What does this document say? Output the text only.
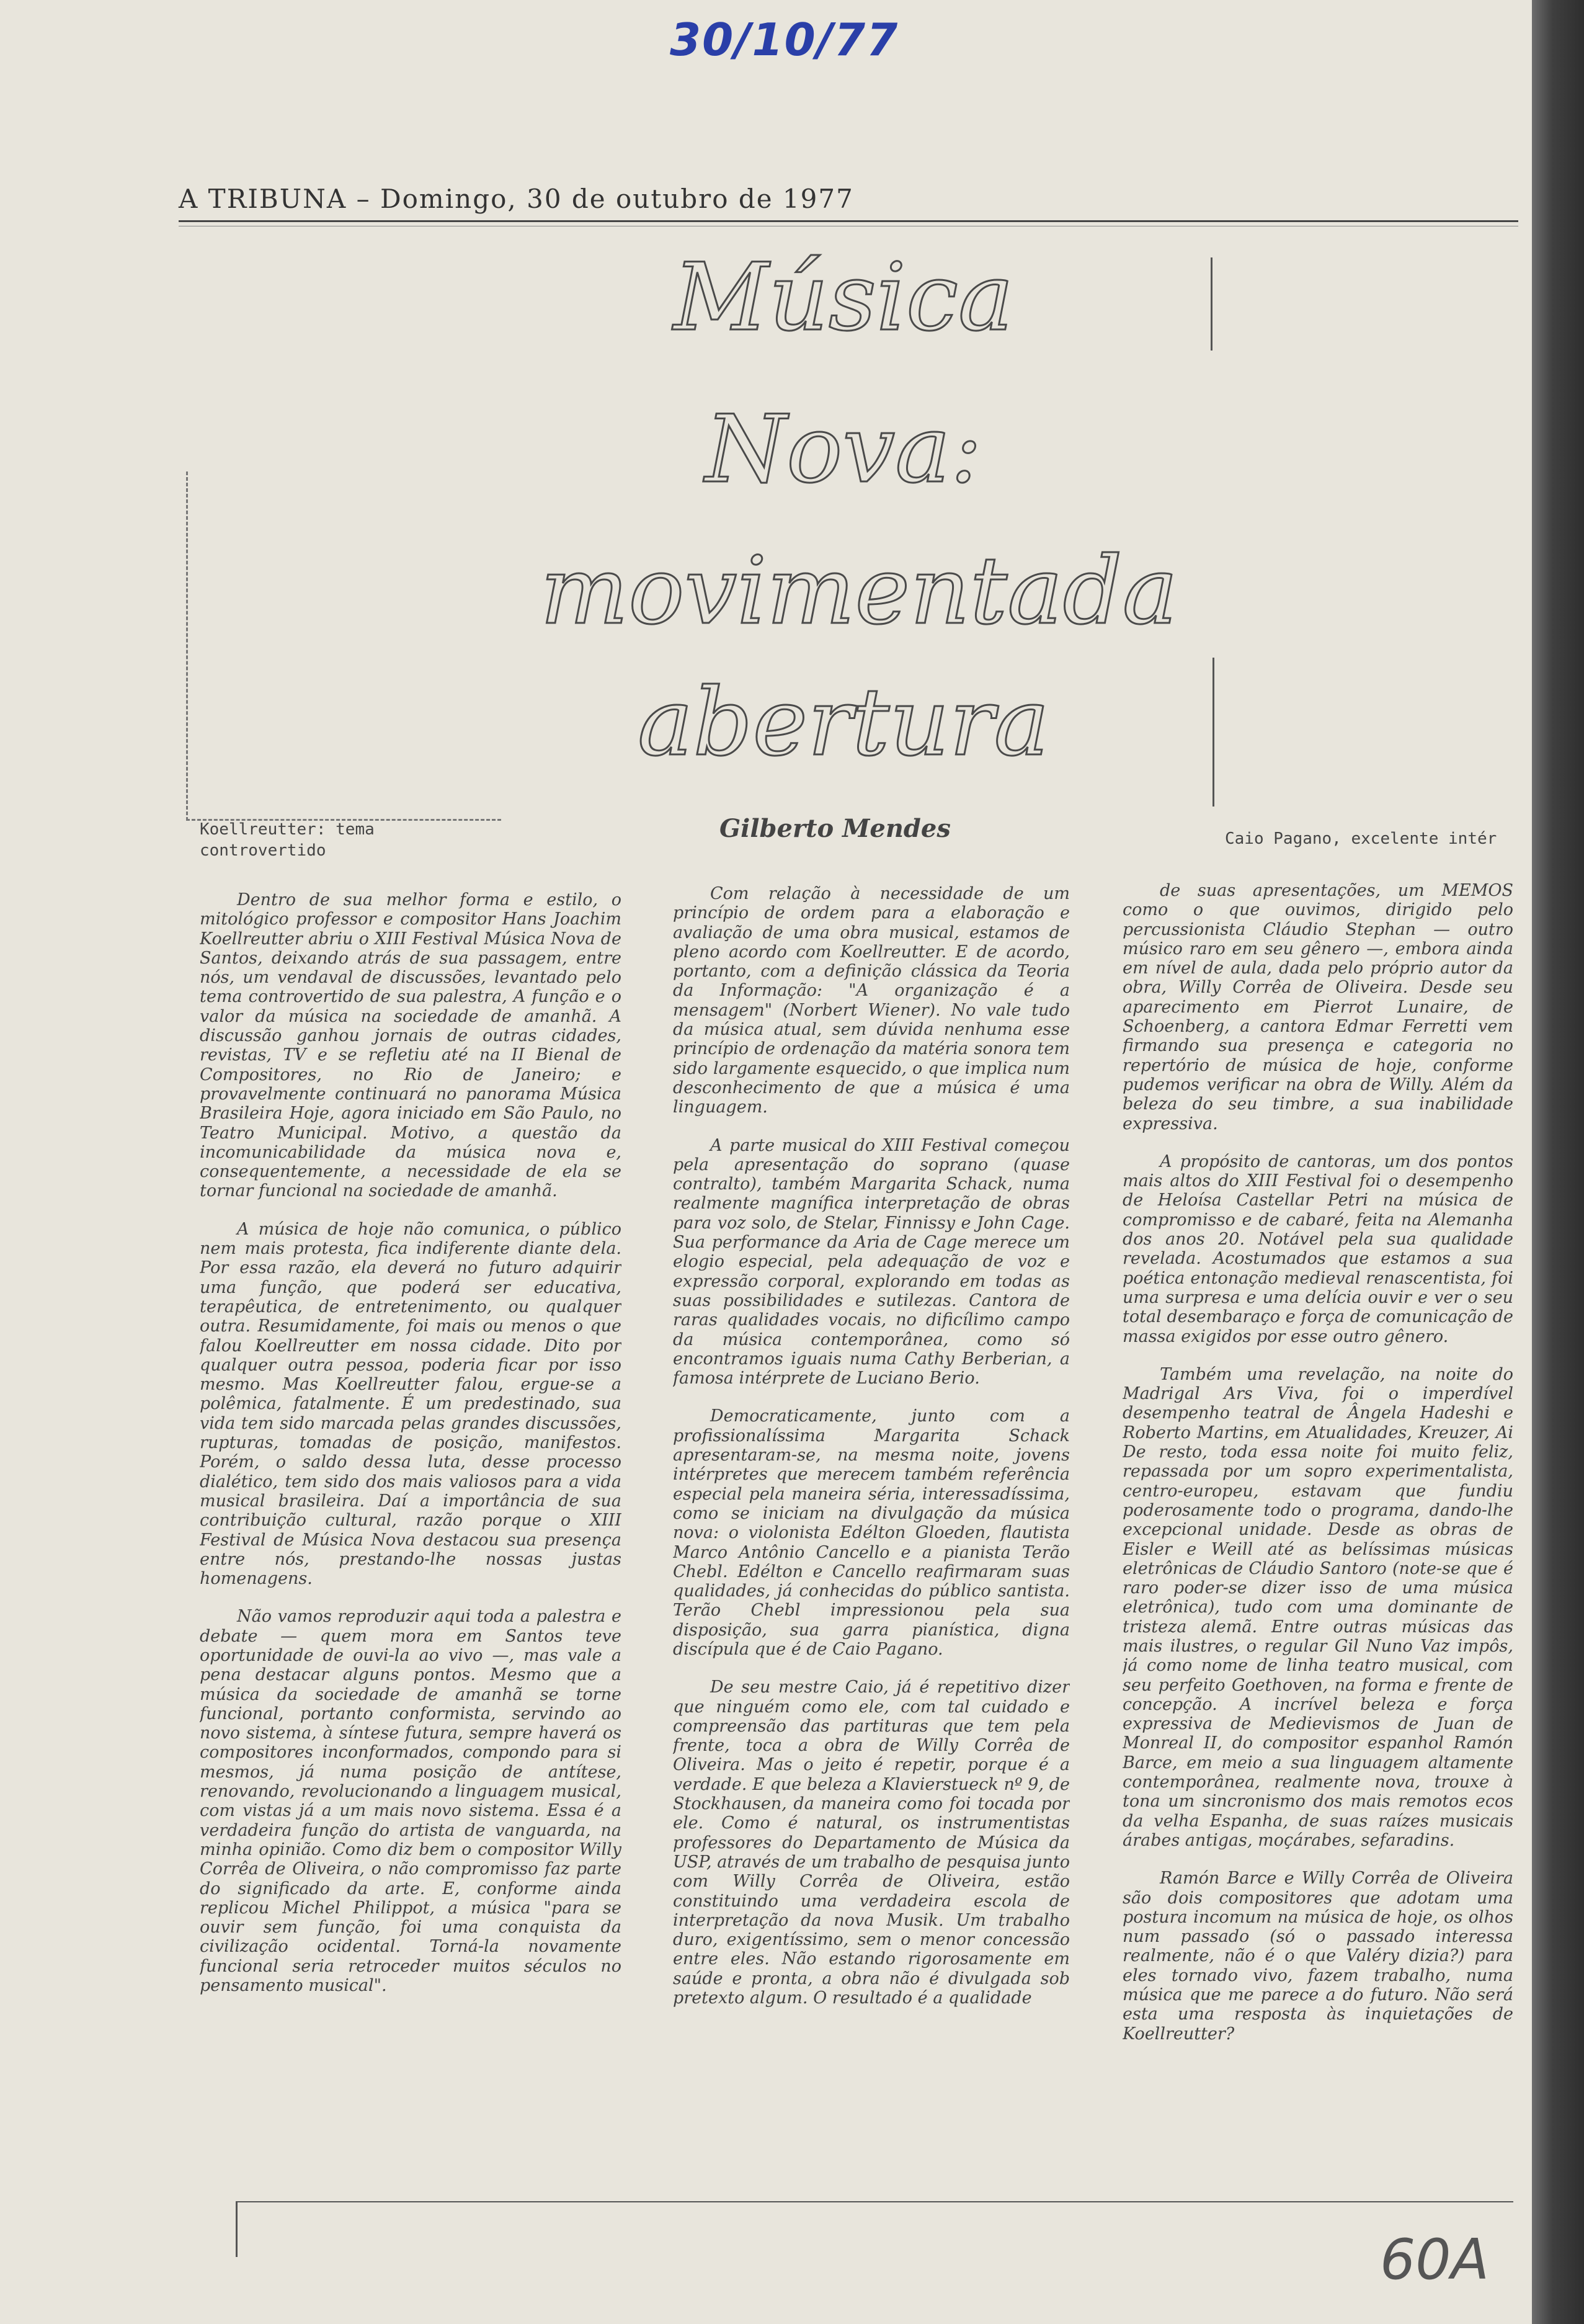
30/10/77
A TRIBUNA – Domingo, 30 de outubro de 1977
Música
Nova:
movimentada
abertura
Gilberto Mendes
Koellreutter: tema controvertido
Caio Pagano, excelente intér

Dentro de sua melhor forma e estilo, o mitológico professor e compositor Hans Joachim Koellreutter abriu o XIII Festival Música Nova de Santos, deixando atrás de sua passagem, entre nós, um vendaval de discussões, levantado pelo tema controvertido de sua palestra, A função e o valor da música na sociedade de amanhã. A discussão ganhou jornais de outras cidades, revistas, TV e se refletiu até na II Bienal de Compositores, no Rio de Janeiro; e provavelmente continuará no panorama Música Brasileira Hoje, agora iniciado em São Paulo, no Teatro Municipal. Motivo, a questão da incomunicabilidade da música nova e, consequentemente, a necessidade de ela se tornar funcional na sociedade de amanhã.

A música de hoje não comunica, o público nem mais protesta, fica indiferente diante dela. Por essa razão, ela deverá no futuro adquirir uma função, que poderá ser educativa, terapêutica, de entretenimento, ou qualquer outra. Resumidamente, foi mais ou menos o que falou Koellreutter em nossa cidade. Dito por qualquer outra pessoa, poderia ficar por isso mesmo. Mas Koellreutter falou, ergue-se a polêmica, fatalmente. É um predestinado, sua vida tem sido marcada pelas grandes discussões, rupturas, tomadas de posição, manifestos. Porém, o saldo dessa luta, desse processo dialético, tem sido dos mais valiosos para a vida musical brasileira. Daí a importância de sua contribuição cultural, razão porque o XIII Festival de Música Nova destacou sua presença entre nós, prestando-lhe nossas justas homenagens.

Não vamos reproduzir aqui toda a palestra e debate — quem mora em Santos teve oportunidade de ouvi-la ao vivo —, mas vale a pena destacar alguns pontos. Mesmo que a música da sociedade de amanhã se torne funcional, portanto conformista, servindo ao novo sistema, à síntese futura, sempre haverá os compositores inconformados, compondo para si mesmos, já numa posição de antítese, renovando, revolucionando a linguagem musical, com vistas já a um mais novo sistema. Essa é a verdadeira função do artista de vanguarda, na minha opinião. Como diz bem o compositor Willy Corrêa de Oliveira, o não compromisso faz parte do significado da arte. E, conforme ainda replicou Michel Philippot, a música "para se ouvir sem função, foi uma conquista da civilização ocidental. Torná-la novamente funcional seria retroceder muitos séculos no pensamento musical".

Com relação à necessidade de um princípio de ordem para a elaboração e avaliação de uma obra musical, estamos de pleno acordo com Koellreutter. E de acordo, portanto, com a definição clássica da Teoria da Informação: "A organização é a mensagem" (Norbert Wiener). No vale tudo da música atual, sem dúvida nenhuma esse princípio de ordenação da matéria sonora tem sido largamente esquecido, o que implica num desconhecimento de que a música é uma linguagem.

A parte musical do XIII Festival começou pela apresentação do soprano (quase contralto), também Margarita Schack, numa realmente magnífica interpretação de obras para voz solo, de Stelar, Finnissy e John Cage. Sua performance da Aria de Cage merece um elogio especial, pela adequação de voz e expressão corporal, explorando em todas as suas possibilidades e sutilezas. Cantora de raras qualidades vocais, no dificílimo campo da música contemporânea, como só encontramos iguais numa Cathy Berberian, a famosa intérprete de Luciano Berio.

Democraticamente, junto com a profissionalíssima Margarita Schack apresentaram-se, na mesma noite, jovens intérpretes que merecem também referência especial pela maneira séria, interessadíssima, como se iniciam na divulgação da música nova: o violonista Edélton Gloeden, flautista Marco Antônio Cancello e a pianista Terão Chebl. Edélton e Cancello reafirmaram suas qualidades, já conhecidas do público santista. Terão Chebl impressionou pela sua disposição, sua garra pianística, digna discípula que é de Caio Pagano.

De seu mestre Caio, já é repetitivo dizer que ninguém como ele, com tal cuidado e compreensão das partituras que tem pela frente, toca a obra de Willy Corrêa de Oliveira. Mas o jeito é repetir, porque é a verdade. E que beleza a Klavierstueck nº 9, de Stockhausen, da maneira como foi tocada por ele. Como é natural, os instrumentistas professores do Departamento de Música da USP, através de um trabalho de pesquisa junto com Willy Corrêa de Oliveira, estão constituindo uma verdadeira escola de interpretação da nova Musik. Um trabalho duro, exigentíssimo, sem o menor concessão entre eles. Não estando rigorosamente em saúde e pronta, a obra não é divulgada sob pretexto algum. O resultado é a qualidade

de suas apresentações, um MEMOS como o que ouvimos, dirigido pelo percussionista Cláudio Stephan — outro músico raro em seu gênero —, embora ainda em nível de aula, dada pelo próprio autor da obra, Willy Corrêa de Oliveira. Desde seu aparecimento em Pierrot Lunaire, de Schoenberg, a cantora Edmar Ferretti vem firmando sua presença e categoria no repertório de música de hoje, conforme pudemos verificar na obra de Willy. Além da beleza do seu timbre, a sua inabilidade expressiva.

A propósito de cantoras, um dos pontos mais altos do XIII Festival foi o desempenho de Heloísa Castellar Petri na música de compromisso e de cabaré, feita na Alemanha dos anos 20. Notável pela sua qualidade revelada. Acostumados que estamos a sua poética entonação medieval renascentista, foi uma surpresa e uma delícia ouvir e ver o seu total desembaraço e força de comunicação de massa exigidos por esse outro gênero.

Também uma revelação, na noite do Madrigal Ars Viva, foi o imperdível desempenho teatral de Ângela Hadeshi e Roberto Martins, em Atualidades, Kreuzer, Ai De resto, toda essa noite foi muito feliz, repassada por um sopro experimentalista, centro-europeu, estavam que fundiu poderosamente todo o programa, dando-lhe excepcional unidade. Desde as obras de Eisler e Weill até as belíssimas músicas eletrônicas de Cláudio Santoro (note-se que é raro poder-se dizer isso de uma música eletrônica), tudo com uma dominante de tristeza alemã. Entre outras músicas das mais ilustres, o regular Gil Nuno Vaz impôs, já como nome de linha teatro musical, com seu perfeito Goethoven, na forma e frente de concepção. A incrível beleza e força expressiva de Medievismos de Juan de Monreal II, do compositor espanhol Ramón Barce, em meio a sua linguagem altamente contemporânea, realmente nova, trouxe à tona um sincronismo dos mais remotos ecos da velha Espanha, de suas raízes musicais árabes antigas, moçárabes, sefaradins.

Ramón Barce e Willy Corrêa de Oliveira são dois compositores que adotam uma postura incomum na música de hoje, os olhos num passado (só o passado interessa realmente, não é o que Valéry dizia?) para eles tornado vivo, fazem trabalho, numa música que me parece a do futuro. Não será esta uma resposta às inquietações de Koellreutter?

60A
